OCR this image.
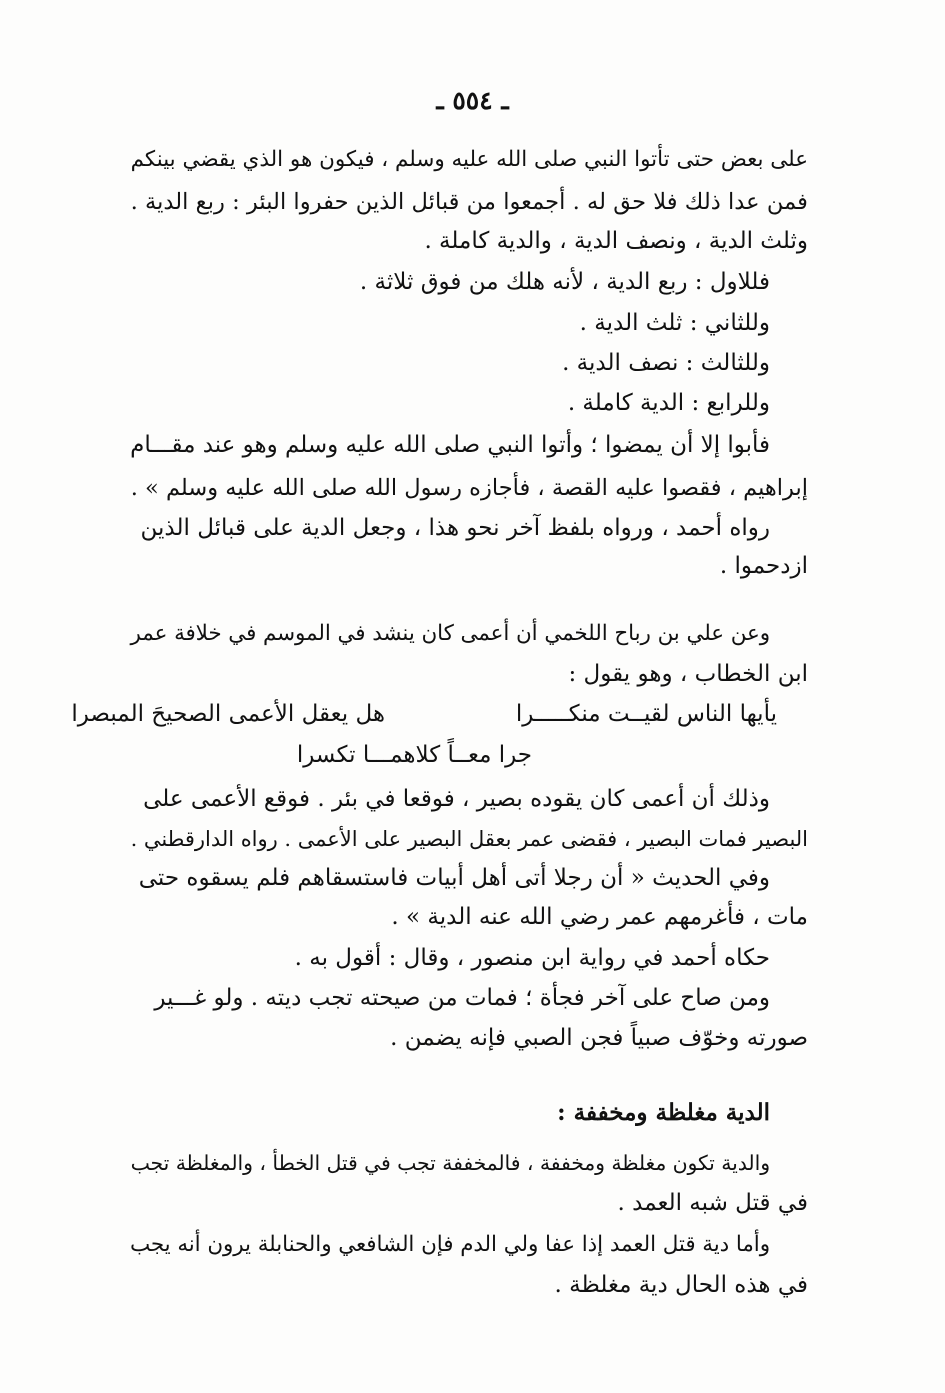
ـ ٥٥٤ ـ

على بعض حتى تأتوا النبي صلى الله عليه وسلم ، فيكون هو الذي يقضي بينكم

فمن عدا ذلك فلا حق له . أجمعوا من قبائل الذين حفروا البئر : ربع الدية .

وثلث الدية ، ونصف الدية ، والدية كاملة .

فللاول : ربع الدية ، لأنه هلك من فوق ثلاثة .

وللثاني : ثلث الدية .

وللثالث : نصف الدية .

وللرابع : الدية كاملة .

فأبوا إلا أن يمضوا ؛ وأتوا النبي صلى الله عليه وسلم وهو عند مقـــام

إبراهيم ، فقصوا عليه القصة ، فأجازه رسول الله صلى الله عليه وسلم » .

رواه أحمد ، ورواه بلفظ آخر نحو هذا ، وجعل الدية على قبائل الذين

ازدحموا .

وعن علي بن رباح اللخمي أن أعمى كان ينشد في الموسم في خلافة عمر

ابن الخطاب ، وهو يقول :

يأيها الناس لقيــت منكـــــرا

هل يعقل الأعمى الصحيحَ المبصرا

جرا معــاً كلاهمـــا تكسرا

وذلك أن أعمى كان يقوده بصير ، فوقعا في بئر . فوقع الأعمى على

البصير فمات البصير ، فقضى عمر بعقل البصير على الأعمى . رواه الدارقطني .

وفي الحديث « أن رجلا أتى أهل أبيات فاستسقاهم فلم يسقوه حتى

مات ، فأغرمهم عمر رضي الله عنه الدية » .

حكاه أحمد في رواية ابن منصور ، وقال : أقول به .

ومن صاح على آخر فجأة ؛ فمات من صيحته تجب ديته . ولو غـــير

صورته وخوّف صبياً فجن الصبي فإنه يضمن .

الدية مغلظة ومخففة :

والدية تكون مغلظة ومخففة ، فالمخففة تجب في قتل الخطأ ، والمغلظة تجب

في قتل شبه العمد .

وأما دية قتل العمد إذا عفا ولي الدم فإن الشافعي والحنابلة يرون أنه يجب

في هذه الحال دية مغلظة .
